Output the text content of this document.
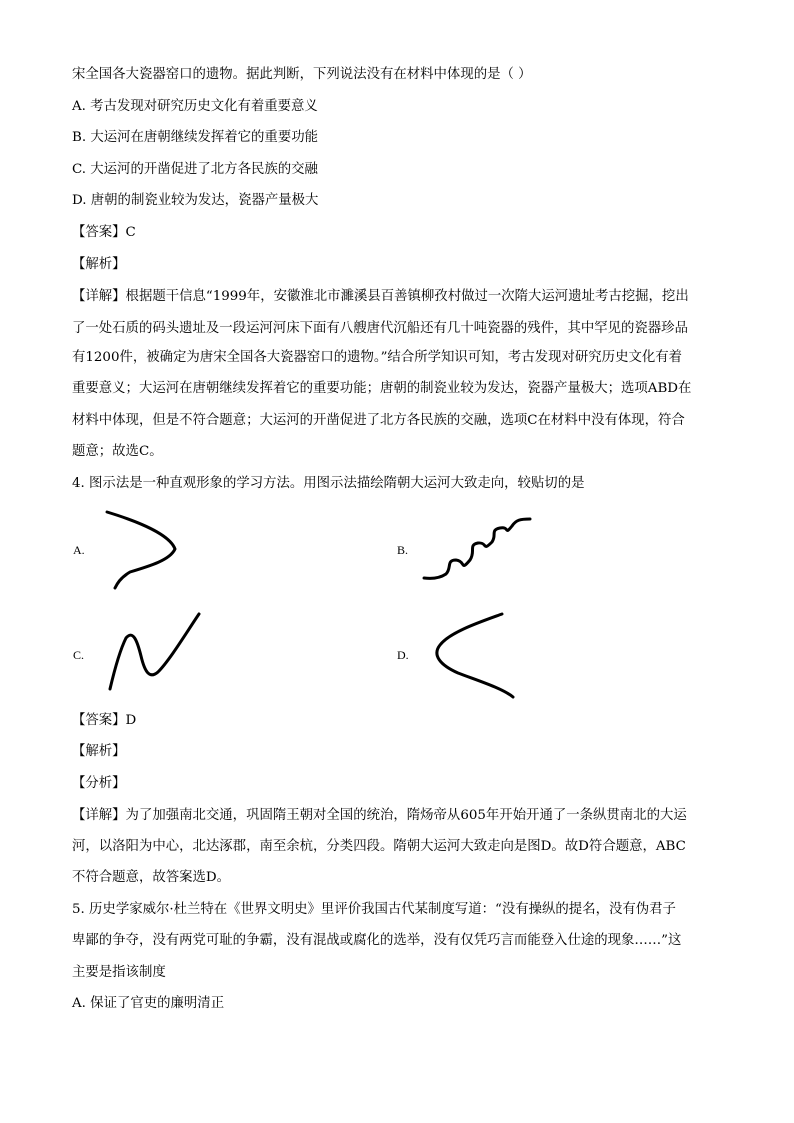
宋全国各大瓷器窑口的遗物。据此判断，下列说法没有在材料中体现的是（ ）
A. 考古发现对研究历史文化有着重要意义
B. 大运河在唐朝继续发挥着它的重要功能
C. 大运河的开凿促进了北方各民族的交融
D. 唐朝的制瓷业较为发达，瓷器产量极大
【答案】C
【解析】
【详解】根据题干信息“1999年，安徽淮北市濉溪县百善镇柳孜村做过一次隋大运河遗址考古挖掘，挖出
了一处石质的码头遗址及一段运河河床下面有八艘唐代沉船还有几十吨瓷器的残件，其中罕见的瓷器珍品
有1200件，被确定为唐宋全国各大瓷器窑口的遗物。”结合所学知识可知，考古发现对研究历史文化有着
重要意义；大运河在唐朝继续发挥着它的重要功能；唐朝的制瓷业较为发达，瓷器产量极大；选项ABD在
材料中体现，但是不符合题意；大运河的开凿促进了北方各民族的交融，选项C在材料中没有体现，符合
题意；故选C。
4. 图示法是一种直观形象的学习方法。用图示法描绘隋朝大运河大致走向，较贴切的是
A.	B.
C.	D.
【答案】D
【解析】
【分析】
【详解】为了加强南北交通，巩固隋王朝对全国的统治，隋炀帝从605年开始开通了一条纵贯南北的大运
河，以洛阳为中心，北达涿郡，南至余杭，分类四段。隋朝大运河大致走向是图D。故D符合题意，ABC
不符合题意，故答案选D。
5. 历史学家威尔·杜兰特在《世界文明史》里评价我国古代某制度写道：“没有操纵的提名，没有伪君子
卑鄙的争夺，没有两党可耻的争霸，没有混战或腐化的选举，没有仅凭巧言而能登入仕途的现象……”这
主要是指该制度
A. 保证了官吏的廉明清正
